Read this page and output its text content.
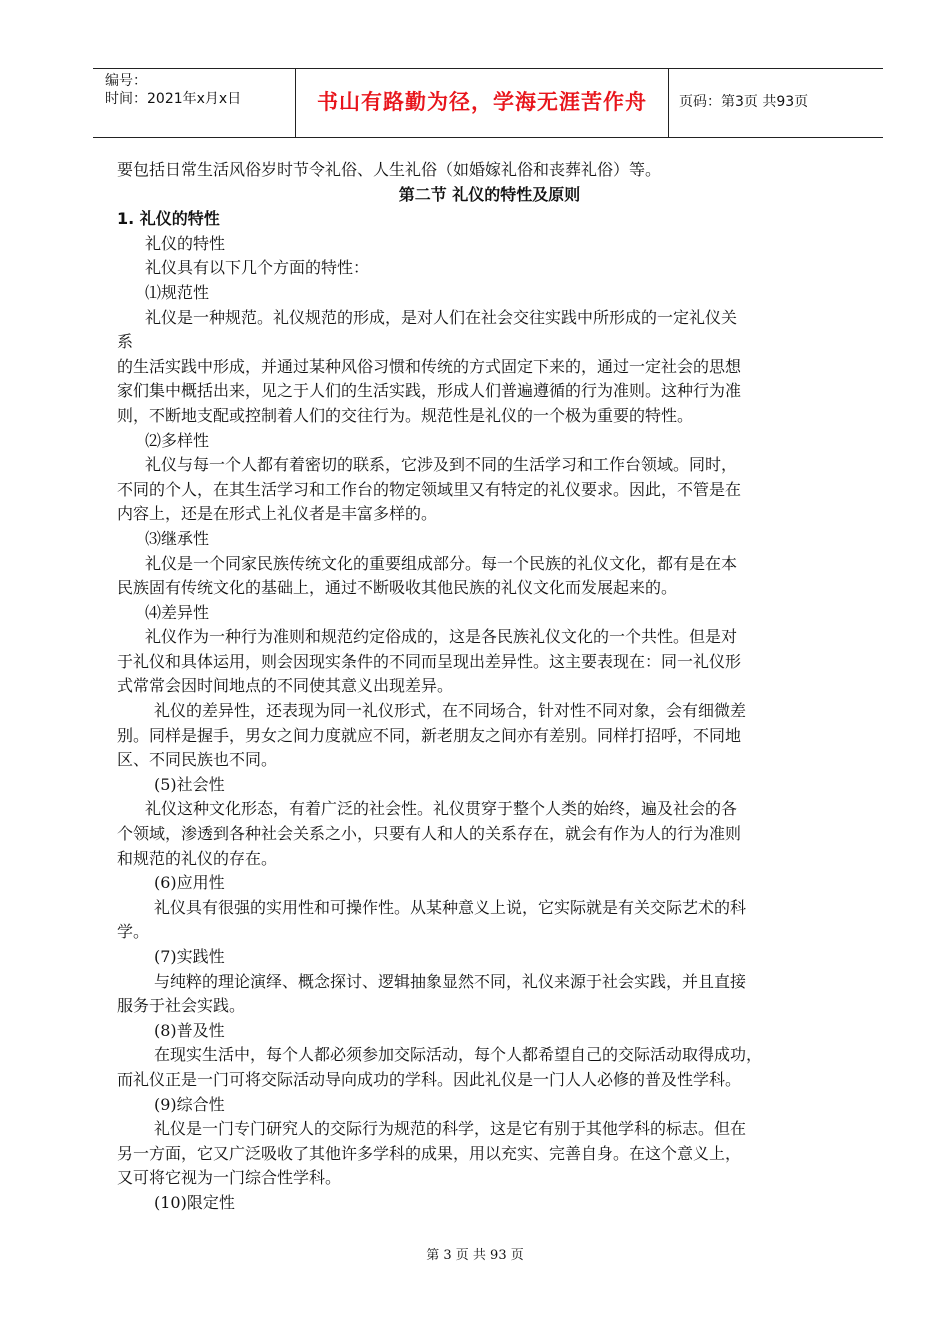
编号：
时间：2021年x月x日	书山有路勤为径，学海无涯苦作舟	页码：第3页 共93页
要包括日常生活风俗岁时节令礼俗、人生礼俗（如婚嫁礼俗和丧葬礼俗）等。
第二节 礼仪的特性及原则
1. 礼仪的特性
礼仪的特性
礼仪具有以下几个方面的特性：
⑴规范性
礼仪是一种规范。礼仪规范的形成，是对人们在社会交往实践中所形成的一定礼仪关
系
的生活实践中形成，并通过某种风俗习惯和传统的方式固定下来的，通过一定社会的思想
家们集中概括出来，见之于人们的生活实践，形成人们普遍遵循的行为准则。这种行为准
则，不断地支配或控制着人们的交往行为。规范性是礼仪的一个极为重要的特性。
⑵多样性
礼仪与每一个人都有着密切的联系，它涉及到不同的生活学习和工作台领域。同时，
不同的个人，在其生活学习和工作台的物定领域里又有特定的礼仪要求。因此，不管是在
内容上，还是在形式上礼仪者是丰富多样的。
⑶继承性
礼仪是一个同家民族传统文化的重要组成部分。每一个民族的礼仪文化，都有是在本
民族固有传统文化的基础上，通过不断吸收其他民族的礼仪文化而发展起来的。
⑷差异性
礼仪作为一种行为准则和规范约定俗成的，这是各民族礼仪文化的一个共性。但是对
于礼仪和具体运用，则会因现实条件的不同而呈现出差异性。这主要表现在：同一礼仪形
式常常会因时间地点的不同使其意义出现差异。
礼仪的差异性，还表现为同一礼仪形式，在不同场合，针对性不同对象，会有细微差
别。同样是握手，男女之间力度就应不同，新老朋友之间亦有差别。同样打招呼，不同地
区、不同民族也不同。
(5)社会性
礼仪这种文化形态，有着广泛的社会性。礼仪贯穿于整个人类的始终，遍及社会的各
个领域，渗透到各种社会关系之小，只要有人和人的关系存在，就会有作为人的行为准则
和规范的礼仪的存在。
(6)应用性
礼仪具有很强的实用性和可操作性。从某种意义上说，它实际就是有关交际艺术的科
学。
(7)实践性
与纯粹的理论演绎、概念探讨、逻辑抽象显然不同，礼仪来源于社会实践，并且直接
服务于社会实践。
(8)普及性
在现实生活中，每个人都必须参加交际活动，每个人都希望自己的交际活动取得成功，
而礼仪正是一门可将交际活动导向成功的学科。因此礼仪是一门人人必修的普及性学科。
(9)综合性
礼仪是一门专门研究人的交际行为规范的科学，这是它有别于其他学科的标志。但在
另一方面，它又广泛吸收了其他许多学科的成果，用以充实、完善自身。在这个意义上，
又可将它视为一门综合性学科。
(10)限定性
第 3 页 共 93 页
